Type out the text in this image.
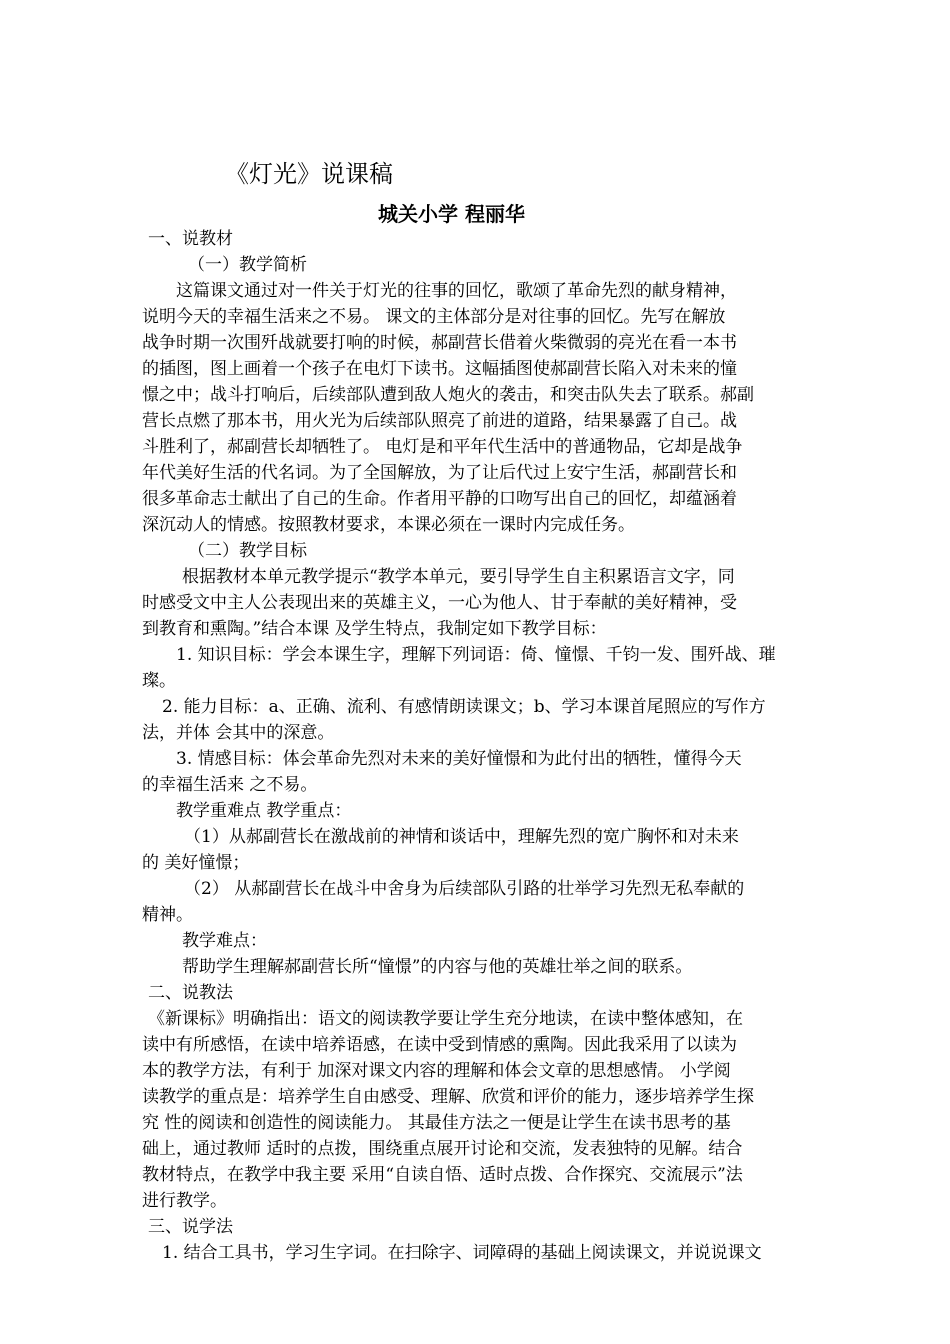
《灯光》说课稿
城关小学 程丽华
一、说教材
（一）教学简析
这篇课文通过对一件关于灯光的往事的回忆，歌颂了革命先烈的献身精神，
说明今天的幸福生活来之不易。 课文的主体部分是对往事的回忆。先写在解放
战争时期一次围歼战就要打响的时候，郝副营长借着火柴微弱的亮光在看一本书
的插图，图上画着一个孩子在电灯下读书。这幅插图使郝副营长陷入对未来的憧
憬之中；战斗打响后，后续部队遭到敌人炮火的袭击，和突击队失去了联系。郝副
营长点燃了那本书，用火光为后续部队照亮了前进的道路，结果暴露了自己。战
斗胜利了，郝副营长却牺牲了。 电灯是和平年代生活中的普通物品，它却是战争
年代美好生活的代名词。为了全国解放，为了让后代过上安宁生活，郝副营长和
很多革命志士献出了自己的生命。作者用平静的口吻写出自己的回忆，却蕴涵着
深沉动人的情感。按照教材要求，本课必须在一课时内完成任务。
（二）教学目标
根据教材本单元教学提示“教学本单元，要引导学生自主积累语言文字，同
时感受文中主人公表现出来的英雄主义，一心为他人、甘于奉献的美好精神，受
到教育和熏陶。”结合本课 及学生特点，我制定如下教学目标：
1. 知识目标：学会本课生字，理解下列词语：倚、憧憬、千钧一发、围歼战、璀
璨。
2. 能力目标：a、正确、流利、有感情朗读课文；b、学习本课首尾照应的写作方
法，并体 会其中的深意。
3. 情感目标：体会革命先烈对未来的美好憧憬和为此付出的牺牲，懂得今天
的幸福生活来 之不易。
教学重难点 教学重点：
（1）从郝副营长在激战前的神情和谈话中，理解先烈的宽广胸怀和对未来
的 美好憧憬；
（2） 从郝副营长在战斗中舍身为后续部队引路的壮举学习先烈无私奉献的
精神。
教学难点：
帮助学生理解郝副营长所“憧憬”的内容与他的英雄壮举之间的联系。
二、说教法
《新课标》明确指出：语文的阅读教学要让学生充分地读，在读中整体感知，在
读中有所感悟，在读中培养语感，在读中受到情感的熏陶。因此我采用了以读为
本的教学方法，有利于 加深对课文内容的理解和体会文章的思想感情。 小学阅
读教学的重点是：培养学生自由感受、理解、欣赏和评价的能力，逐步培养学生探
究 性的阅读和创造性的阅读能力。 其最佳方法之一便是让学生在读书思考的基
础上，通过教师 适时的点拨，围绕重点展开讨论和交流，发表独特的见解。结合
教材特点，在教学中我主要 采用“自读自悟、适时点拨、合作探究、交流展示”法
进行教学。
三、说学法
1. 结合工具书，学习生字词。在扫除字、词障碍的基础上阅读课文，并说说课文
